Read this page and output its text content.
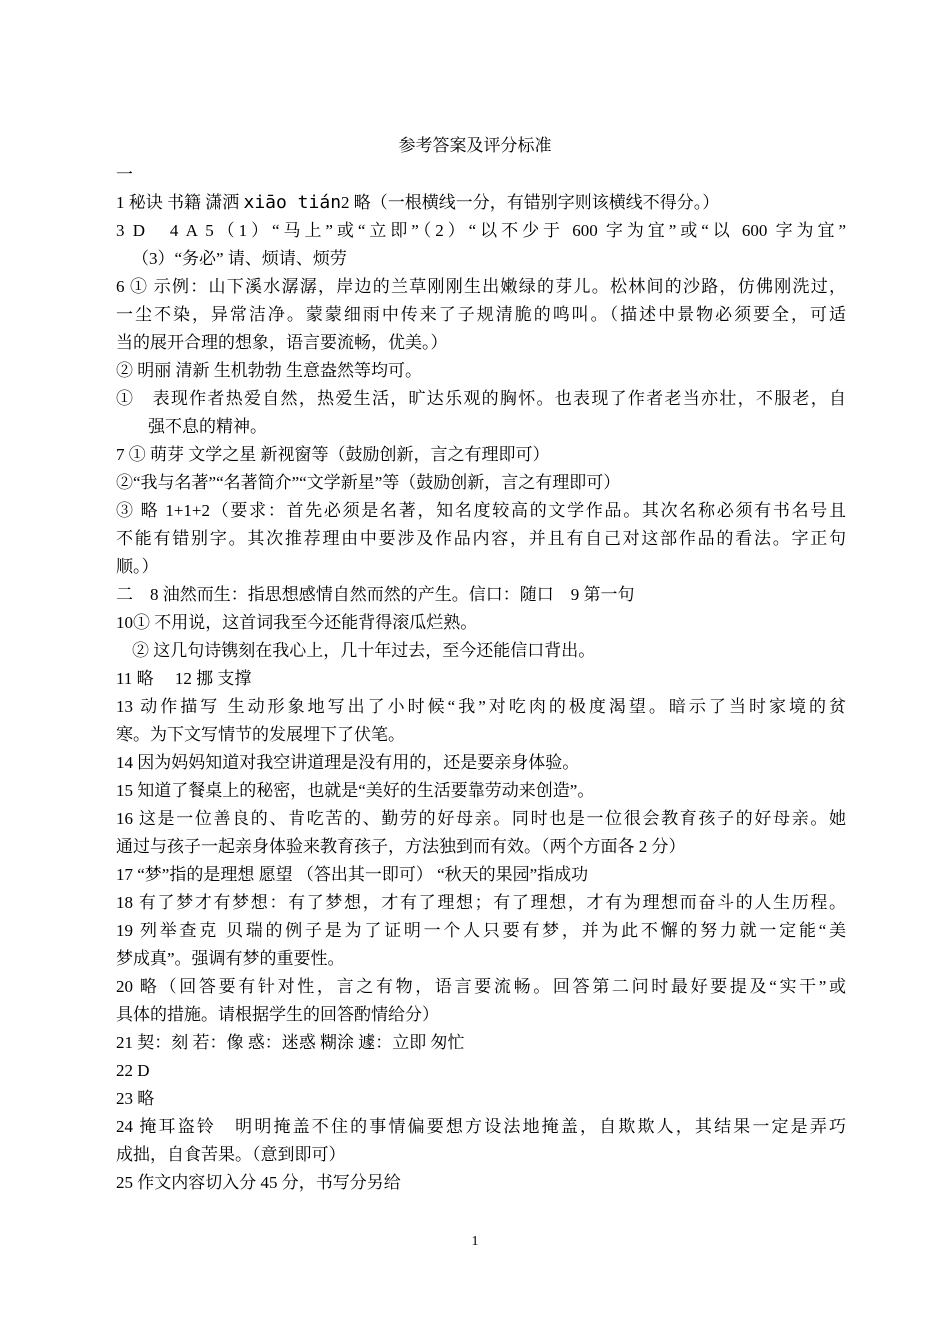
参考答案及评分标准
一
1 秘诀 书籍 潇洒 xiāo tián2 略（一根横线一分，有错别字则该横线不得分。）
3 D　4 A 5（1）“马上”或“立即”（2）“以不少于 600 字为宜”或“以 600 字为宜”
（3）“务必” 请、烦请、烦劳
6 ① 示例：山下溪水潺潺，岸边的兰草刚刚生出嫩绿的芽儿。松林间的沙路，仿佛刚洗过，
一尘不染，异常洁净。蒙蒙细雨中传来了子规清脆的鸣叫。（描述中景物必须要全，可适
当的展开合理的想象，语言要流畅，优美。）
② 明丽 清新 生机勃勃 生意盎然等均可。
①　表现作者热爱自然，热爱生活，旷达乐观的胸怀。也表现了作者老当亦壮，不服老，自
强不息的精神。
7 ① 萌芽 文学之星 新视窗等（鼓励创新，言之有理即可）
②“我与名著”“名著简介”“文学新星”等（鼓励创新，言之有理即可）
③ 略 1+1+2（要求：首先必须是名著，知名度较高的文学作品。其次名称必须有书名号且
不能有错别字。其次推荐理由中要涉及作品内容，并且有自己对这部作品的看法。字正句
顺。）
二　8 油然而生：指思想感情自然而然的产生。信口：随口　9 第一句
10① 不用说，这首词我至今还能背得滚瓜烂熟。
② 这几句诗镌刻在我心上，几十年过去，至今还能信口背出。
11 略　 12 挪 支撑
13 动作描写 生动形象地写出了小时候“我”对吃肉的极度渴望。暗示了当时家境的贫
寒。为下文写情节的发展埋下了伏笔。
14 因为妈妈知道对我空讲道理是没有用的，还是要亲身体验。
15 知道了餐桌上的秘密，也就是“美好的生活要靠劳动来创造”。
16 这是一位善良的、肯吃苦的、勤劳的好母亲。同时也是一位很会教育孩子的好母亲。她
通过与孩子一起亲身体验来教育孩子，方法独到而有效。（两个方面各 2 分）
17 “梦”指的是理想 愿望 （答出其一即可） “秋天的果园”指成功
18 有了梦才有梦想：有了梦想，才有了理想；有了理想，才有为理想而奋斗的人生历程。
19 列举查克 贝瑞的例子是为了证明一个人只要有梦，并为此不懈的努力就一定能“美
梦成真”。强调有梦的重要性。
20 略（回答要有针对性，言之有物，语言要流畅。回答第二问时最好要提及“实干”或
具体的措施。请根据学生的回答酌情给分）
21 契：刻 若：像 惑：迷惑 糊涂 遽：立即 匆忙
22 D
23 略
24 掩耳盗铃　明明掩盖不住的事情偏要想方设法地掩盖，自欺欺人，其结果一定是弄巧
成拙，自食苦果。（意到即可）
25 作文内容切入分 45 分，书写分另给
1
